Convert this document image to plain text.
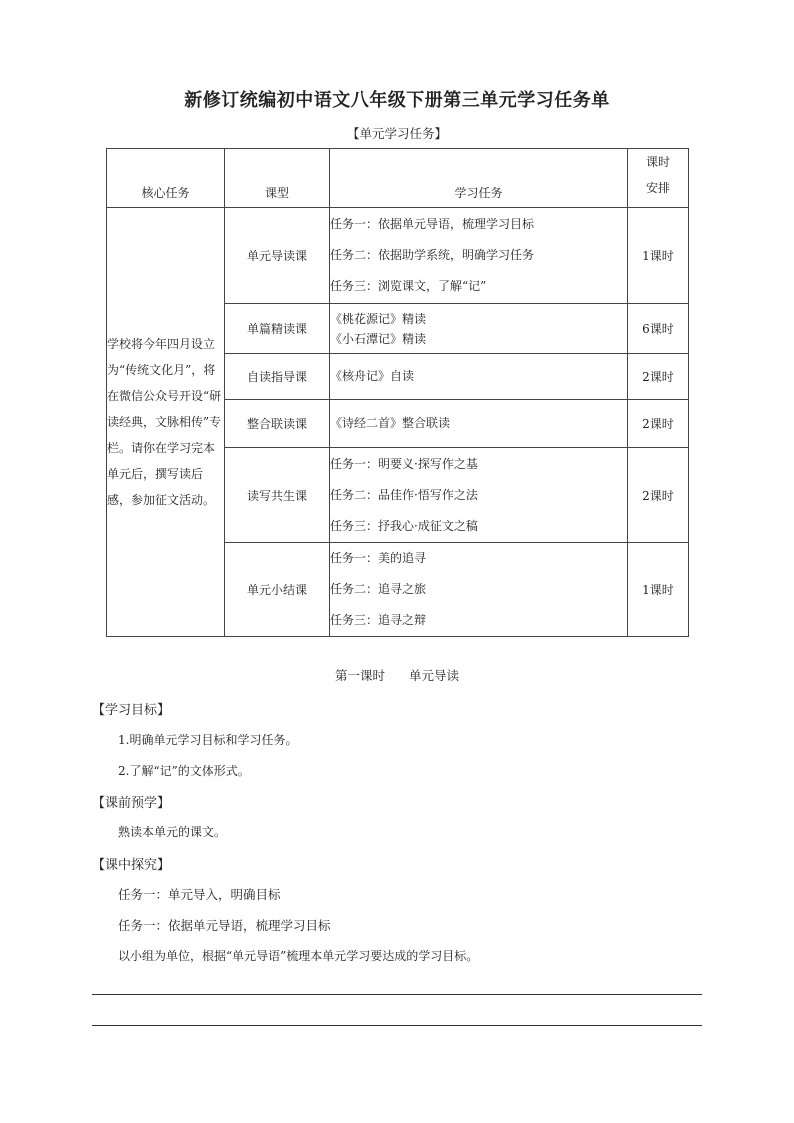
新修订统编初中语文八年级下册第三单元学习任务单
【单元学习任务】
核心任务	课型	学习任务	课时
安排

学校将今年四月设立为“传统文化月”，将在微信公众号开设“研读经典，文脉相传”专栏。请你在学习完本单元后，撰写读后感，参加征文活动。	单元导读课	任务一：依据单元导语，梳理学习目标
任务二：依据助学系统，明确学习任务
任务三：浏览课文，了解“记”	1课时
	单篇精读课	《桃花源记》精读
《小石潭记》精读	6课时
	自读指导课	《核舟记》自读	2课时
	整合联读课	《诗经二首》整合联读	2课时
	读写共生课	任务一：明要义·探写作之基
任务二：品佳作·悟写作之法
任务三：抒我心·成征文之稿	2课时
	单元小结课	任务一：美的追寻
任务二：追寻之旅
任务三：追寻之辩	1课时
第一课时 单元导读
【学习目标】
1.明确单元学习目标和学习任务。
2.了解“记”的文体形式。
【课前预学】
熟读本单元的课文。
【课中探究】
任务一：单元导入，明确目标
任务一：依据单元导语，梳理学习目标
以小组为单位，根据“单元导语”梳理本单元学习要达成的学习目标。
